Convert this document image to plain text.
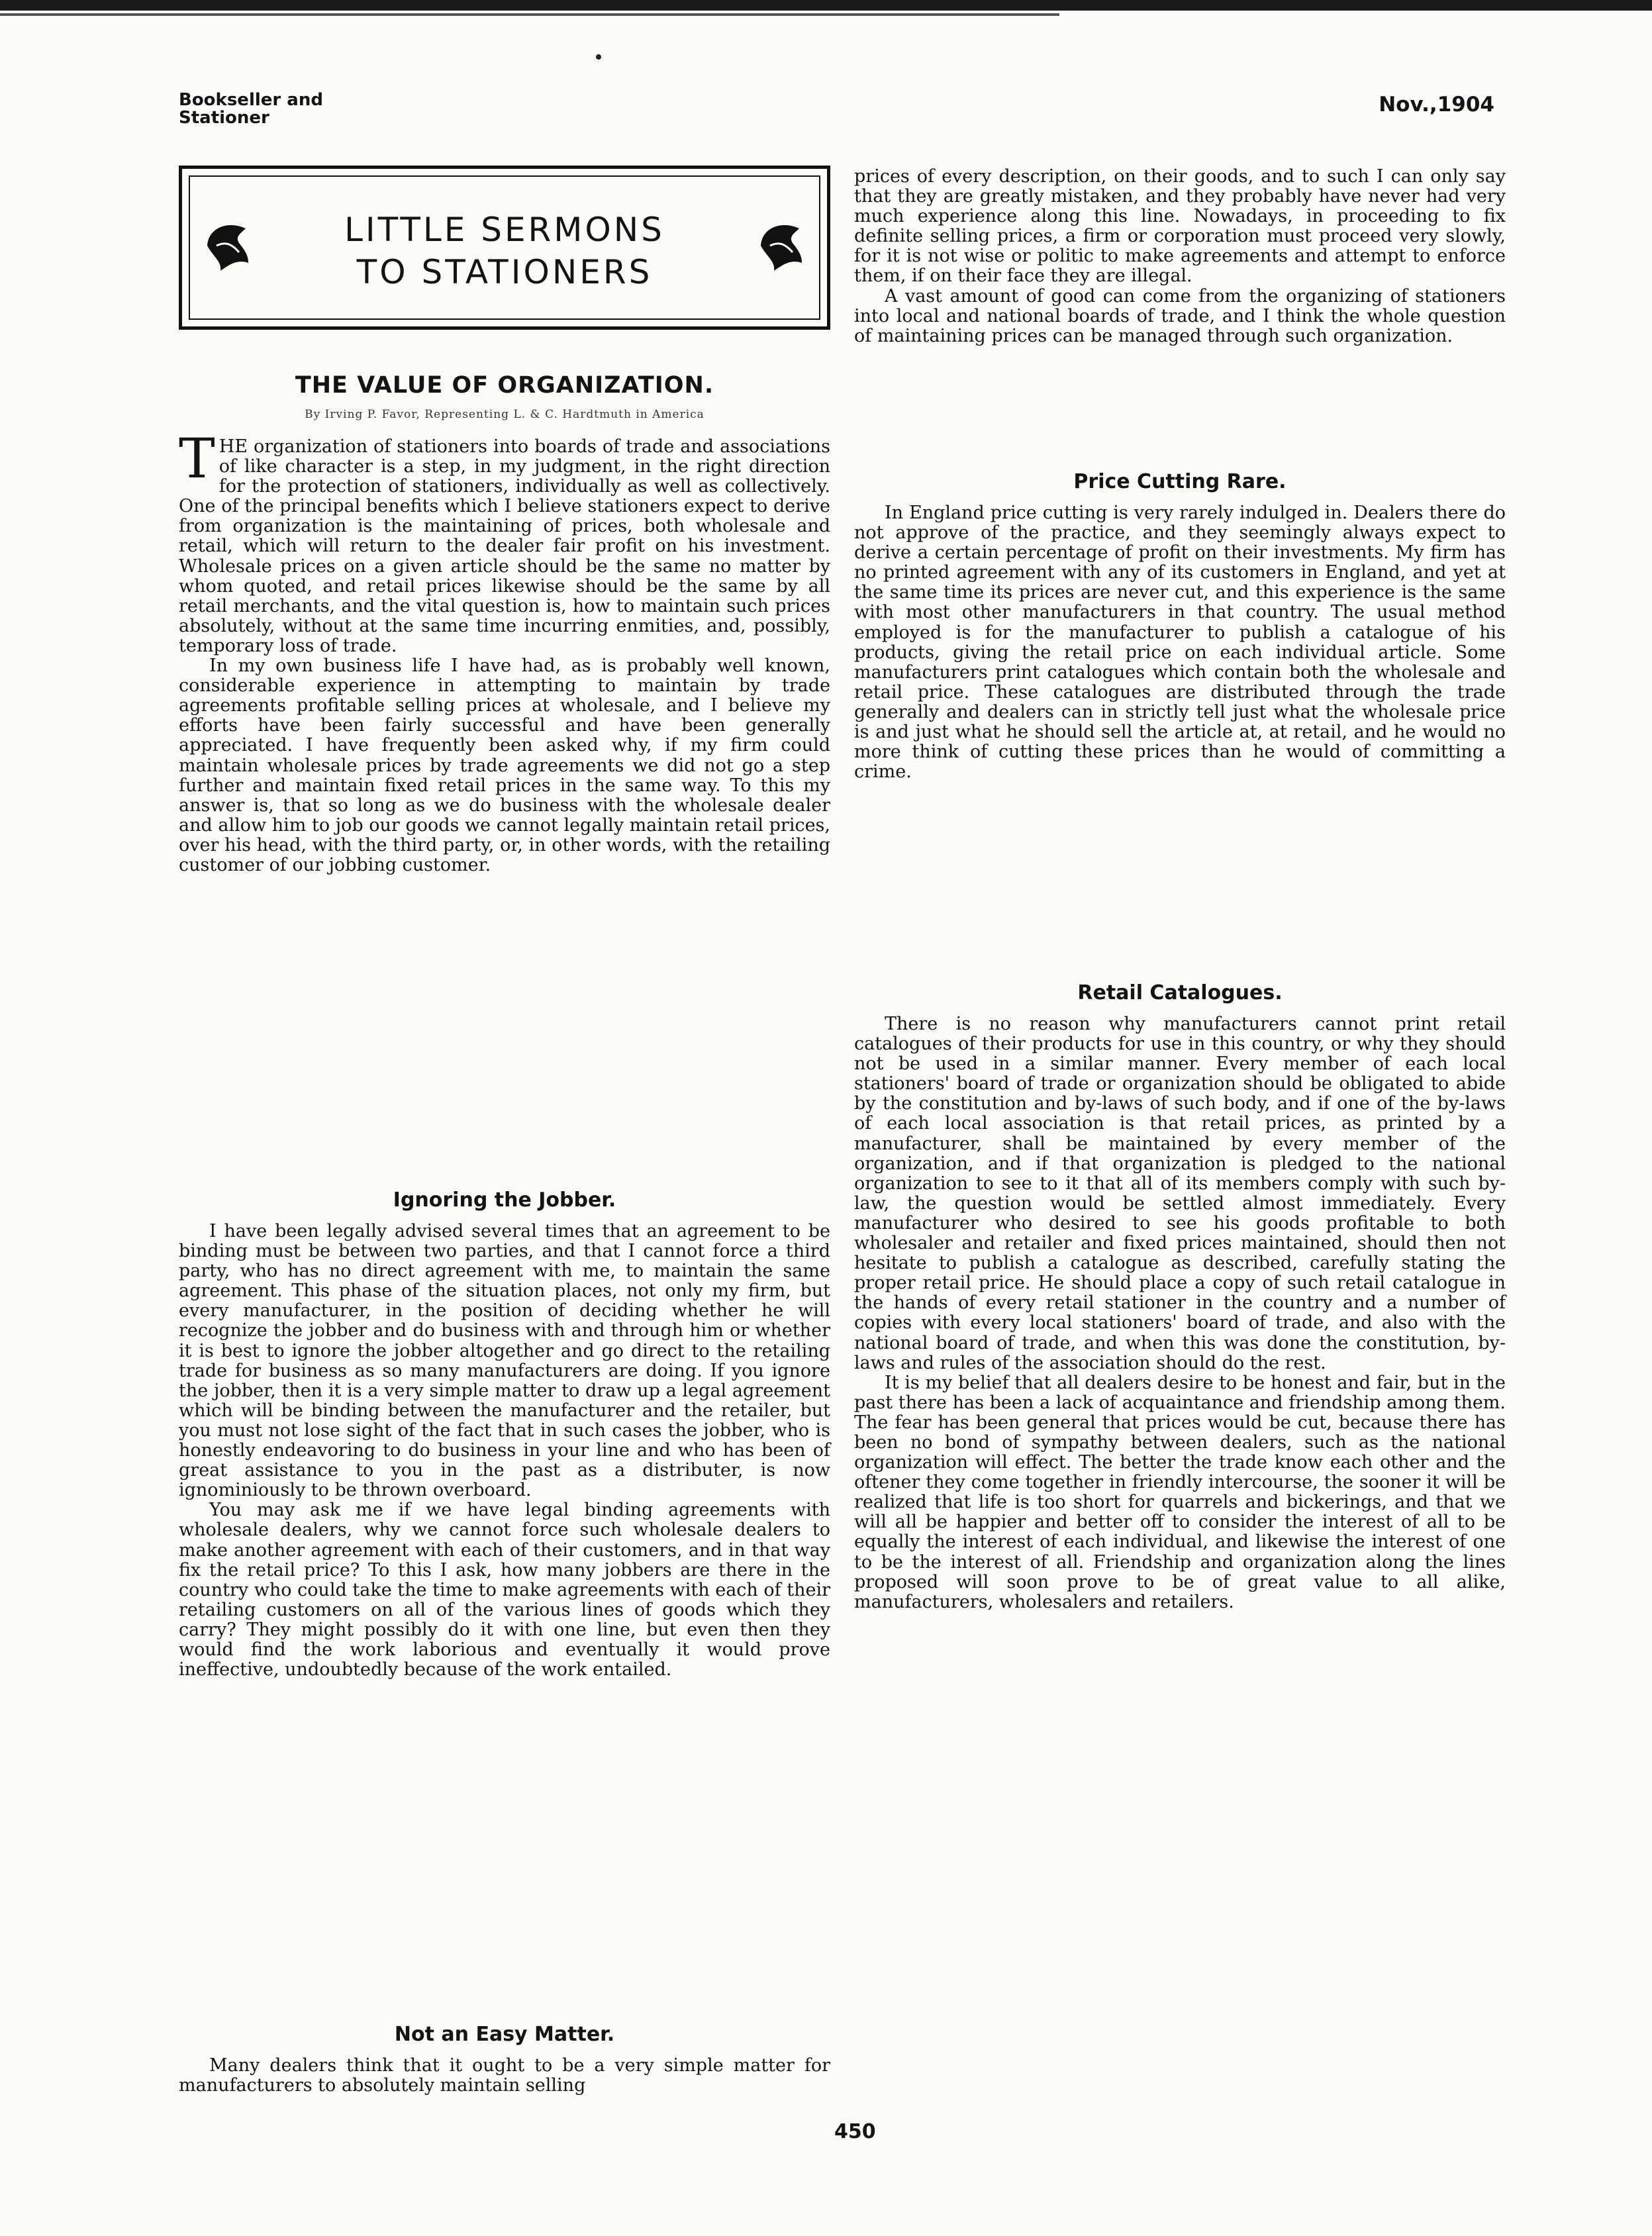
Bookseller and
Stationer
Nov.,1904
LITTLE SERMONS
TO STATIONERS
THE VALUE OF ORGANIZATION.
By Irving P. Favor, Representing L. & C. Hardtmuth in America

THE organization of stationers into boards of trade and associations of like character is a step, in my judgment, in the right direction for the protection of stationers, individually as well as collectively. One of the principal benefits which I believe stationers expect to derive from organization is the maintaining of prices, both wholesale and retail, which will return to the dealer fair profit on his investment. Wholesale prices on a given article should be the same no matter by whom quoted, and retail prices likewise should be the same by all retail merchants, and the vital question is, how to maintain such prices absolutely, without at the same time incurring enmities, and, possibly, temporary loss of trade.

In my own business life I have had, as is probably well known, considerable experience in attempting to maintain by trade agreements profitable selling prices at wholesale, and I believe my efforts have been fairly successful and have been generally appreciated. I have frequently been asked why, if my firm could maintain wholesale prices by trade agreements we did not go a step further and maintain fixed retail prices in the same way. To this my answer is, that so long as we do business with the wholesale dealer and allow him to job our goods we cannot legally maintain retail prices, over his head, with the third party, or, in other words, with the retailing customer of our jobbing customer.

Ignoring the Jobber.

I have been legally advised several times that an agreement to be binding must be between two parties, and that I cannot force a third party, who has no direct agreement with me, to maintain the same agreement. This phase of the situation places, not only my firm, but every manufacturer, in the position of deciding whether he will recognize the jobber and do business with and through him or whether it is best to ignore the jobber altogether and go direct to the retailing trade for business as so many manufacturers are doing. If you ignore the jobber, then it is a very simple matter to draw up a legal agreement which will be binding between the manufacturer and the retailer, but you must not lose sight of the fact that in such cases the jobber, who is honestly endeavoring to do business in your line and who has been of great assistance to you in the past as a distributer, is now ignominiously to be thrown overboard.

You may ask me if we have legal binding agreements with wholesale dealers, why we cannot force such wholesale dealers to make another agreement with each of their customers, and in that way fix the retail price? To this I ask, how many jobbers are there in the country who could take the time to make agreements with each of their retailing customers on all of the various lines of goods which they carry? They might possibly do it with one line, but even then they would find the work laborious and eventually it would prove ineffective, undoubtedly because of the work entailed.

Not an Easy Matter.

Many dealers think that it ought to be a very simple matter for manufacturers to absolutely maintain selling

prices of every description, on their goods, and to such I can only say that they are greatly mistaken, and they probably have never had very much experience along this line. Nowadays, in proceeding to fix definite selling prices, a firm or corporation must proceed very slowly, for it is not wise or politic to make agreements and attempt to enforce them, if on their face they are illegal.

A vast amount of good can come from the organizing of stationers into local and national boards of trade, and I think the whole question of maintaining prices can be managed through such organization.

Price Cutting Rare.

In England price cutting is very rarely indulged in. Dealers there do not approve of the practice, and they seemingly always expect to derive a certain percentage of profit on their investments. My firm has no printed agreement with any of its customers in England, and yet at the same time its prices are never cut, and this experience is the same with most other manufacturers in that country. The usual method employed is for the manufacturer to publish a catalogue of his products, giving the retail price on each individual article. Some manufacturers print catalogues which contain both the wholesale and retail price. These catalogues are distributed through the trade generally and dealers can in strictly tell just what the wholesale price is and just what he should sell the article at, at retail, and he would no more think of cutting these prices than he would of committing a crime.

Retail Catalogues.

There is no reason why manufacturers cannot print retail catalogues of their products for use in this country, or why they should not be used in a similar manner. Every member of each local stationers' board of trade or organization should be obligated to abide by the constitution and by-laws of such body, and if one of the by-laws of each local association is that retail prices, as printed by a manufacturer, shall be maintained by every member of the organization, and if that organization is pledged to the national organization to see to it that all of its members comply with such by-law, the question would be settled almost immediately. Every manufacturer who desired to see his goods profitable to both wholesaler and retailer and fixed prices maintained, should then not hesitate to publish a catalogue as described, carefully stating the proper retail price. He should place a copy of such retail catalogue in the hands of every retail stationer in the country and a number of copies with every local stationers' board of trade, and also with the national board of trade, and when this was done the constitution, by-laws and rules of the association should do the rest.

It is my belief that all dealers desire to be honest and fair, but in the past there has been a lack of acquaintance and friendship among them. The fear has been general that prices would be cut, because there has been no bond of sympathy between dealers, such as the national organization will effect. The better the trade know each other and the oftener they come together in friendly intercourse, the sooner it will be realized that life is too short for quarrels and bickerings, and that we will all be happier and better off to consider the interest of all to be equally the interest of each individual, and likewise the interest of one to be the interest of all. Friendship and organization along the lines proposed will soon prove to be of great value to all alike, manufacturers, wholesalers and retailers.

450
